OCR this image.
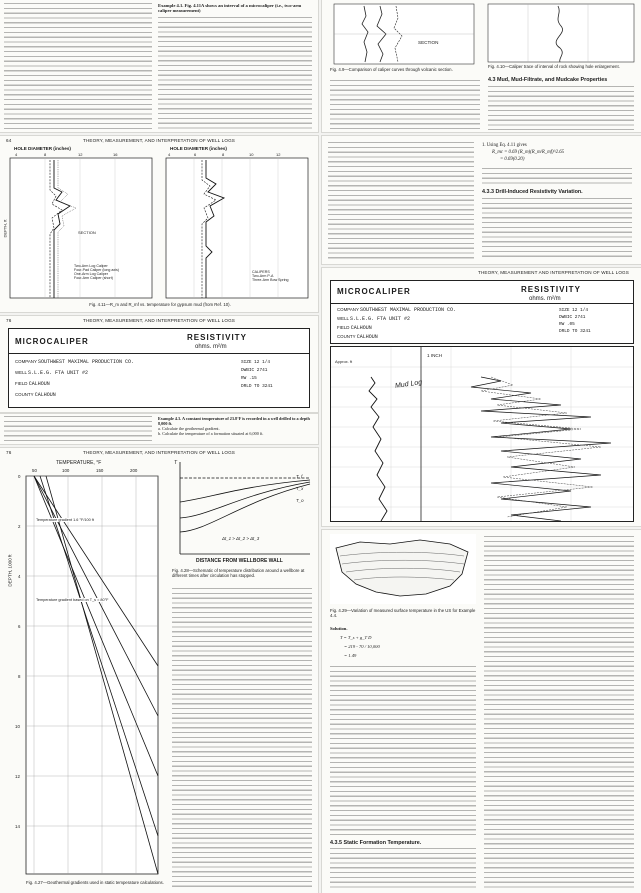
Example 4.1. Fig. 4.11A shows an interval of a microcaliper (i.e., two-arm caliper measurement)
SECTION
Fig. 4.9—Comparison of caliper curves through volcanic section.
Fig. 4.10—Caliper trace of interval of rock showing hole enlargement.
4.3 Mud, Mud-Filtrate, and Mudcake Properties
64	THEORY, MEASUREMENT, AND INTERPRETATION OF WELL LOGS
HOLE DIAMETER (inches)	HOLE DIAMETER (inches)
4	8	12	16
DEPTH, ft	SECTION
Two-Arm Log Caliper
Four-Pad Caliper (long axis)
One-Arm Log Caliper
Four-Arm Caliper (short)
4	6	8	10	12
CALIPERS
Two-Arm P-A
Three-Arm Bow Spring
Fig. 4.11—R_m and R_mf vs. temperature for gypsum mud (from Ref. 10).
1. Using Eq. 4.11 gives
R_mc = 0.69 (R_m)(R_m/R_mf)^2.65
= 0.69(0.20)
4.3.3 Drill-Induced Resistivity Variation.
THEORY, MEASUREMENT AND INTERPRETATION OF WELL LOGS
MICROCALIPER	RESISTIVITY
ohms. m²/m
COMPANY SOUTHWEST MAXIMAL PRODUCTION CO.
WELL S.L.E.G. FTA UNIT #2
FIELD CALHOUN
COUNTY CALHOUN
SIZE 12 1/4
DWBIC 2741
RW .05
DRLD TO 3241
1 INCH
Approx. ft
Mud Log
76	THEORY, MEASUREMENT, AND INTERPRETATION OF WELL LOGS
MICROCALIPER	RESISTIVITY
ohms. m²/m
COMPANY SOUTHWEST MAXIMAL PRODUCTION CO.
WELL S.L.E.G. FTA UNIT #2
FIELD CALHOUN
COUNTY CALHOUN
SIZE 12 1/4
DWBIC 2741
RW .15
DRLD TO 3241
Example 4.3. A constant temperature of 23.8°F is recorded in a well drilled to a depth 8,000 ft.
a. Calculate the geothermal gradient.
b. Calculate the temperature of a formation situated at 6,000 ft.
76	THEORY, MEASUREMENT, AND INTERPRETATION OF WELL LOGS
TEMPERATURE, °F
50	100	150	200
DEPTH, 1000 ft
0
2
4
6
8
10
12
14
Temperature gradient 1.6 °F/100 ft
Temperature gradient based on T_s = 80°F
Fig. 4.27—Geothermal gradients used in static temperature calculations.
T
T_f
T_x
T_o
Δt_1 > Δt_2 > Δt_3
DISTANCE FROM WELLBORE WALL
Fig. 4.28—Schematic of temperature distribution around a wellbore at different times after circulation has stopped.
Fig. 4.29—Variation of measured surface temperature in the US for Example 4.4.
Solution.
T = T_s + g_T D
= 219 - 70 / 10,000
= 1.49
4.3.5 Static Formation Temperature.
